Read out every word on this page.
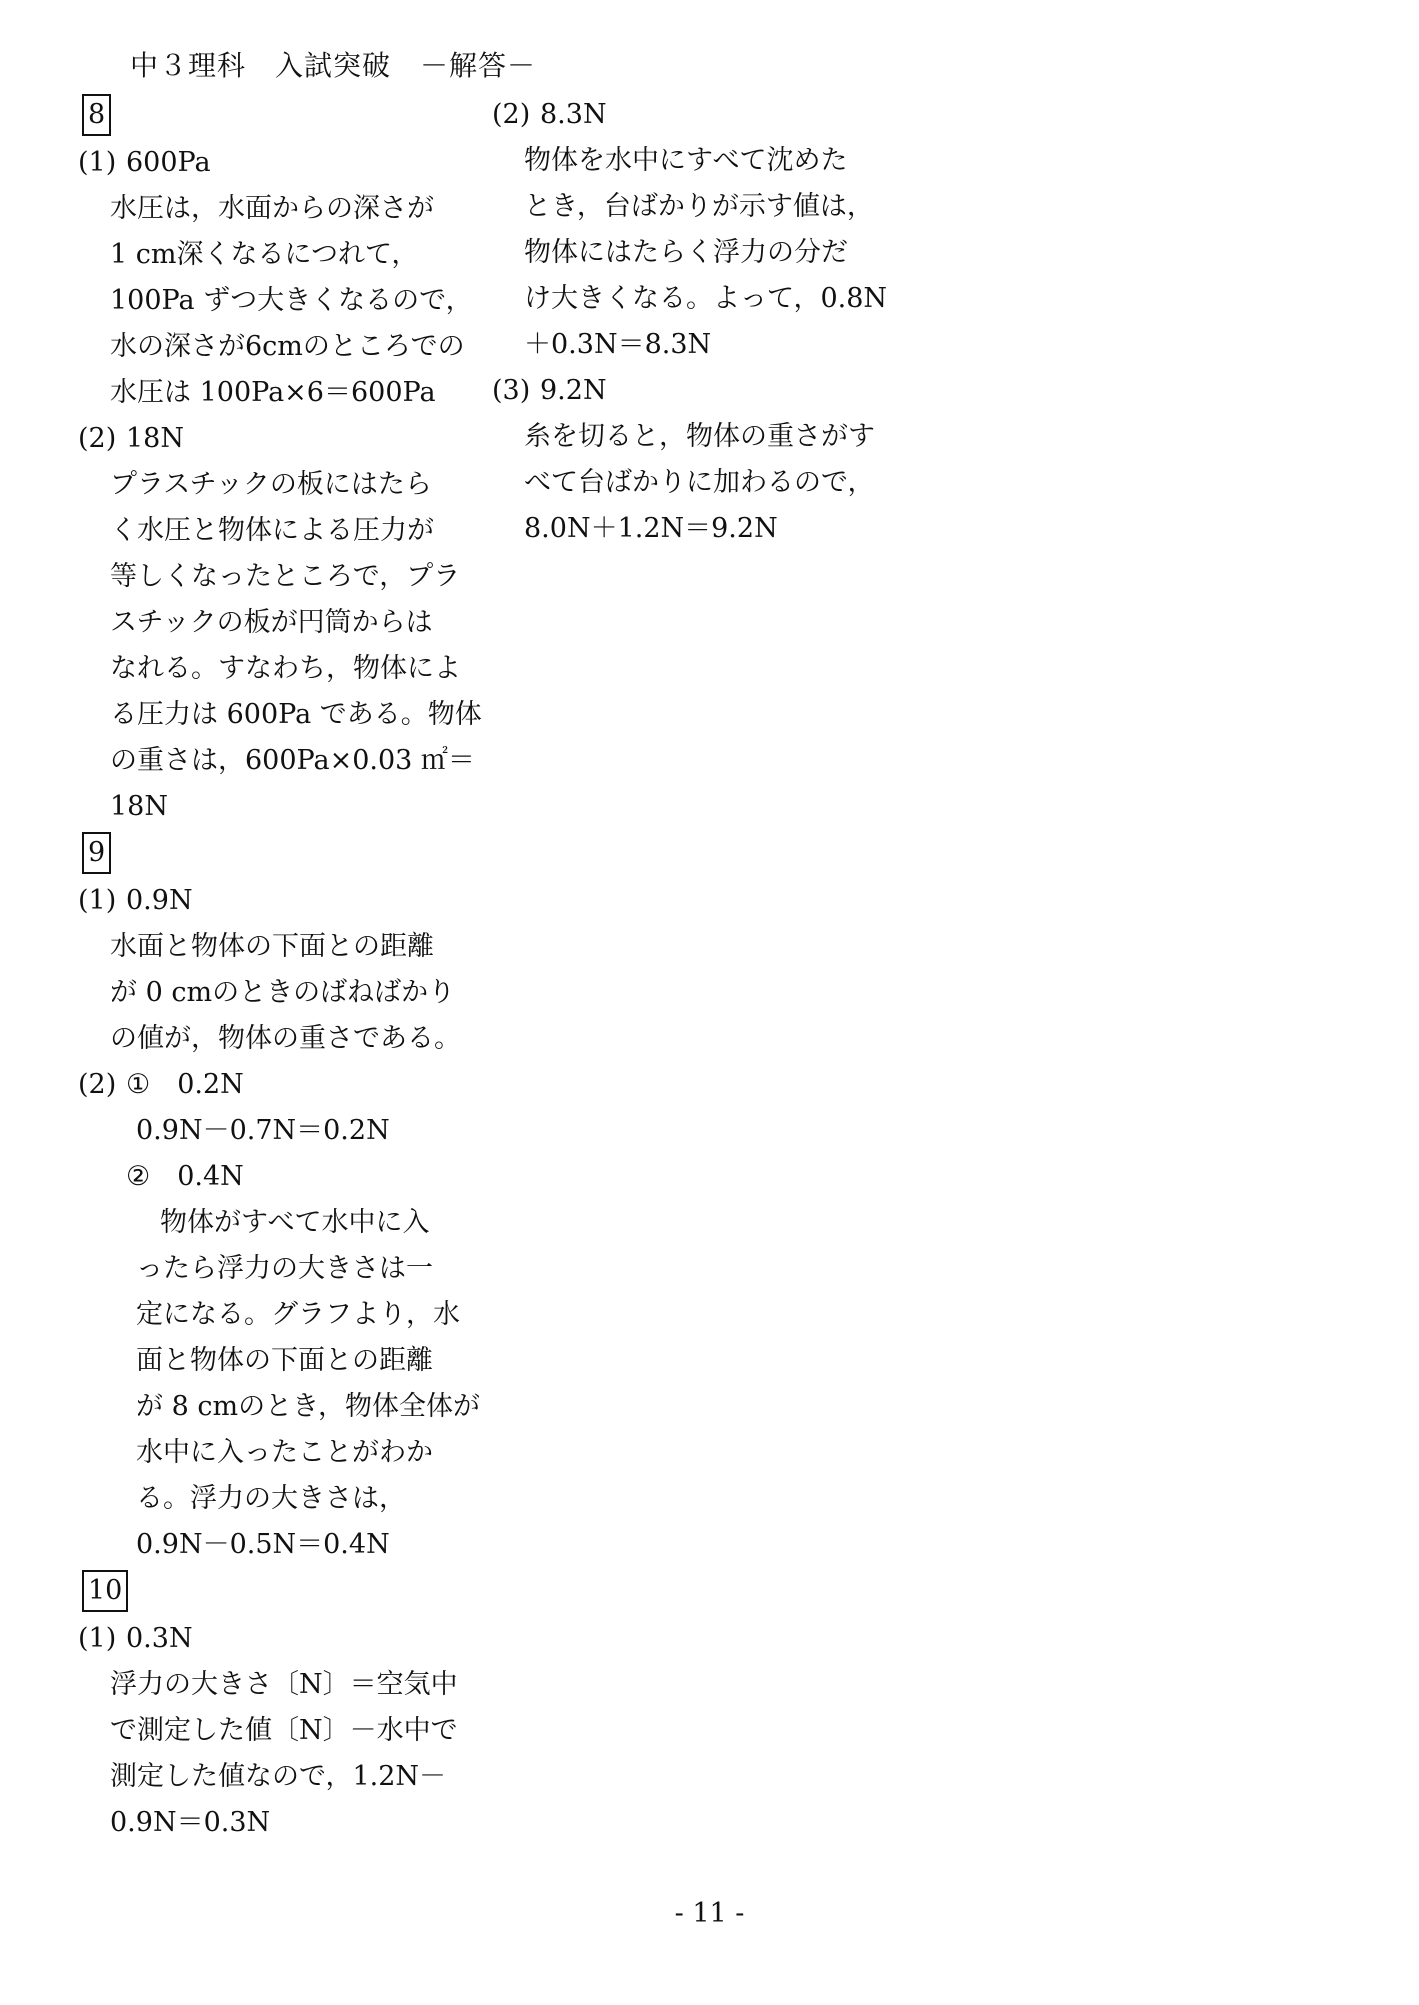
中３理科　入試突破　－解答－
8
(1) 600Pa
水圧は，水面からの深さが
1 cm深くなるにつれて，
100Pa ずつ大きくなるので，
水の深さが6cmのところでの
水圧は 100Pa×6＝600Pa
(2) 18N
プラスチックの板にはたら
く水圧と物体による圧力が
等しくなったところで，プラ
スチックの板が円筒からは
なれる。すなわち，物体によ
る圧力は 600Pa である。物体
の重さは，600Pa×0.03 ㎡＝
18N
9
(1) 0.9N
水面と物体の下面との距離
が 0 cmのときのばねばかり
の値が，物体の重さである。
(2) ①　 0.2N
0.9N－0.7N＝0.2N
②　 0.4N
物体がすべて水中に入
ったら浮力の大きさは一
定になる。グラフより，水
面と物体の下面との距離
が 8 cmのとき，物体全体が
水中に入ったことがわか
る。浮力の大きさは，
0.9N－0.5N＝0.4N
10
(1) 0.3N
浮力の大きさ〔N〕＝空気中
で測定した値〔N〕－水中で
測定した値なので，1.2N－
0.9N＝0.3N
(2) 8.3N
物体を水中にすべて沈めた
とき，台ばかりが示す値は，
物体にはたらく浮力の分だ
け大きくなる。よって，0.8N
＋0.3N＝8.3N
(3) 9.2N
糸を切ると，物体の重さがす
べて台ばかりに加わるので，
8.0N＋1.2N＝9.2N
- 11 -
